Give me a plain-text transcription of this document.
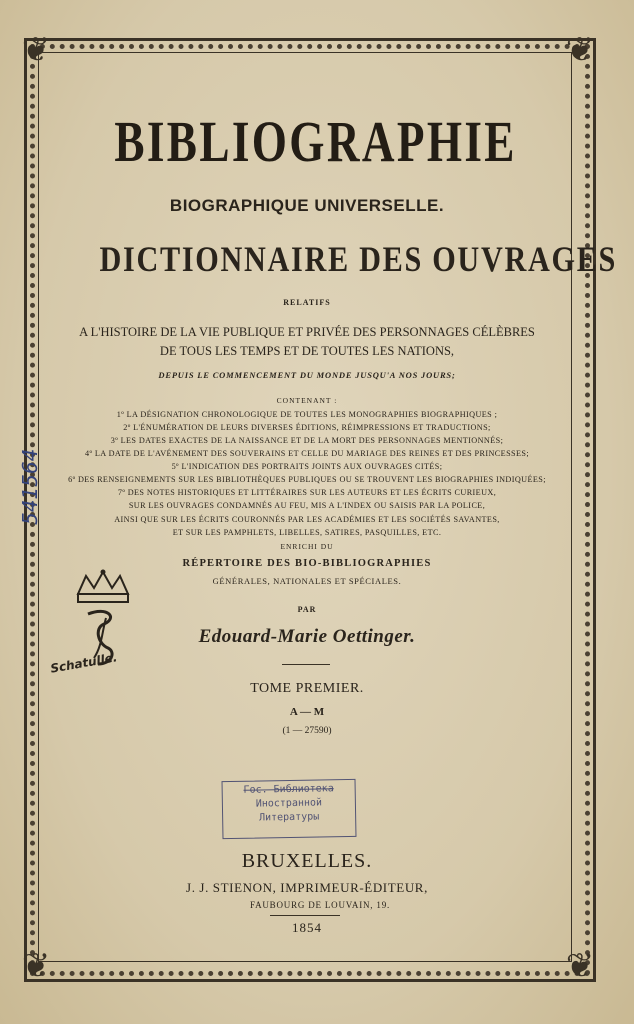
❦	❦
❦	❦
BIBLIOGRAPHIE
BIOGRAPHIQUE UNIVERSELLE.
DICTIONNAIRE DES OUVRAGES
RELATIFS
A L'HISTOIRE DE LA VIE PUBLIQUE ET PRIVÉE DES PERSONNAGES CÉLÈBRES
DE TOUS LES TEMPS ET DE TOUTES LES NATIONS,
DEPUIS LE COMMENCEMENT DU MONDE JUSQU'A NOS JOURS;
CONTENANT :
1º LA DÉSIGNATION CHRONOLOGIQUE DE TOUTES LES MONOGRAPHIES BIOGRAPHIQUES ;
2º L'ÉNUMÉRATION DE LEURS DIVERSES ÉDITIONS, RÉIMPRESSIONS ET TRADUCTIONS;
3º LES DATES EXACTES DE LA NAISSANCE ET DE LA MORT DES PERSONNAGES MENTIONNÉS;
4º LA DATE DE L'AVÉNEMENT DES SOUVERAINS ET CELLE DU MARIAGE DES REINES ET DES PRINCESSES;
5º L'INDICATION DES PORTRAITS JOINTS AUX OUVRAGES CITÉS;
6º DES RENSEIGNEMENTS SUR LES BIBLIOTHÈQUES PUBLIQUES OU SE TROUVENT LES BIOGRAPHIES INDIQUÉES;
7º DES NOTES HISTORIQUES ET LITTÉRAIRES SUR LES AUTEURS ET LES ÉCRITS CURIEUX,
SUR LES OUVRAGES CONDAMNÉS AU FEU, MIS A L'INDEX OU SAISIS PAR LA POLICE,
AINSI QUE SUR LES ÉCRITS COURONNÉS PAR LES ACADÉMIES ET LES SOCIÉTÉS SAVANTES,
ET SUR LES PAMPHLETS, LIBELLES, SATIRES, PASQUILLES, ETC.
ENRICHI DU
RÉPERTOIRE DES BIO-BIBLIOGRAPHIES
GÉNÉRALES, NATIONALES ET SPÉCIALES.
PAR
Edouard-Marie Oettinger.
TOME PREMIER.
A — M
(1 — 27590)
Гос. Библиотека
Иностранной
Литературы
BRUXELLES.
J. J. STIENON, IMPRIMEUR-ÉDITEUR,
FAUBOURG DE LOUVAIN, 19.
1854
541564
Schatulle.
